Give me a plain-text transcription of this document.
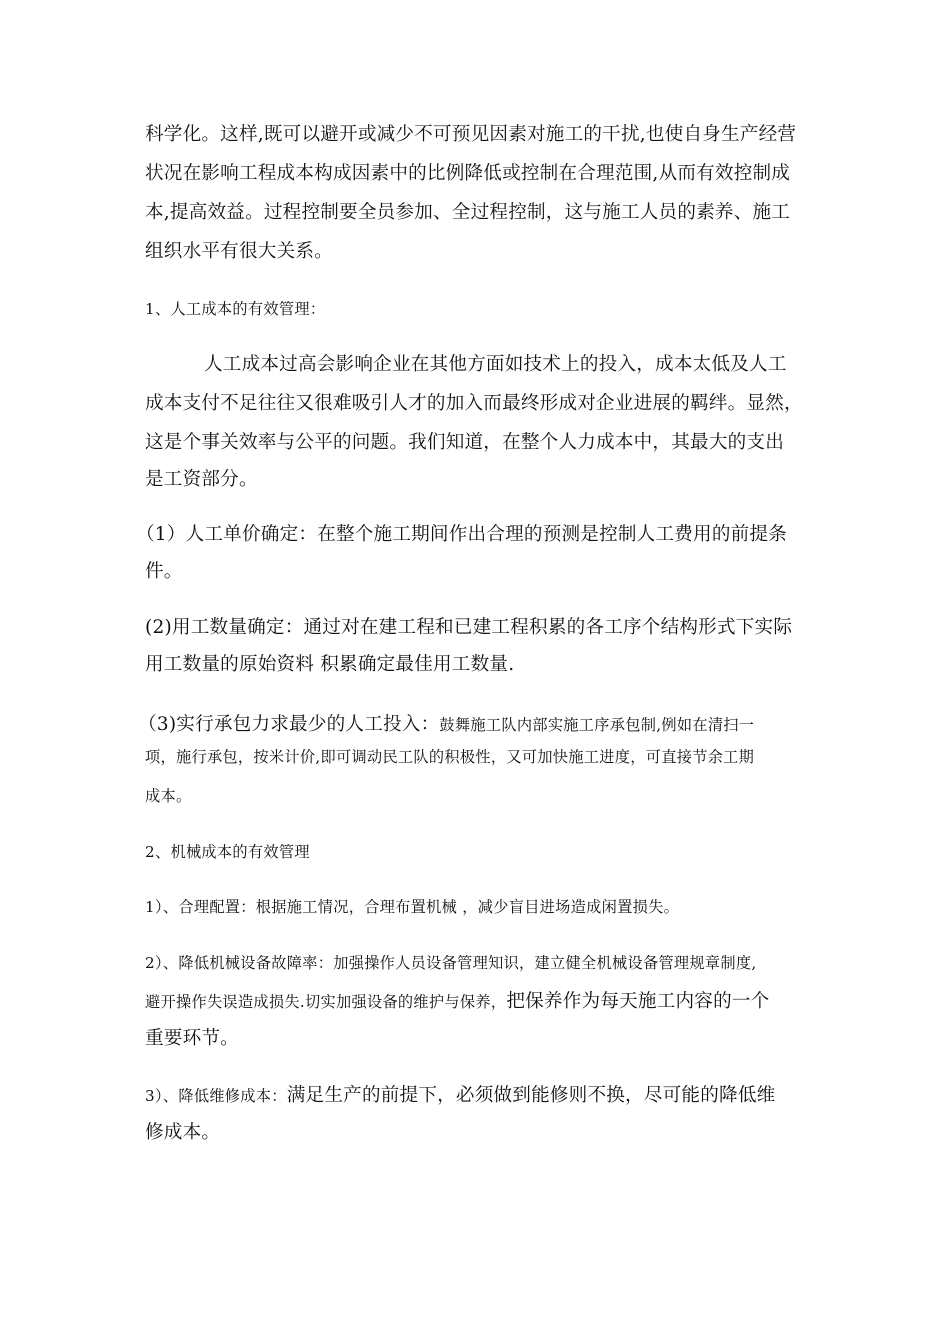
科学化。这样,既可以避开或减少不可预见因素对施工的干扰,也使自身生产经营
状况在影响工程成本构成因素中的比例降低或控制在合理范围,从而有效控制成
本,提高效益。过程控制要全员参加、全过程控制，这与施工人员的素养、施工
组织水平有很大关系。
1、人工成本的有效管理：
人工成本过高会影响企业在其他方面如技术上的投入，成本太低及人工
成本支付不足往往又很难吸引人才的加入而最终形成对企业进展的羁绊。显然，
这是个事关效率与公平的问题。我们知道，在整个人力成本中，其最大的支出
是工资部分。
（1）人工单价确定：在整个施工期间作出合理的预测是控制人工费用的前提条
件。
(2)用工数量确定：通过对在建工程和已建工程积累的各工序个结构形式下实际
用工数量的原始资料 积累确定最佳用工数量.
（3)实行承包力求最少的人工投入：鼓舞施工队内部实施工序承包制,例如在清扫一
项，施行承包，按米计价,即可调动民工队的积极性，又可加快施工进度，可直接节余工期
成本。
2、机械成本的有效管理
1）、合理配置：根据施工情况，合理布置机械 ，减少盲目进场造成闲置损失。
2）、降低机械设备故障率：加强操作人员设备管理知识，建立健全机械设备管理规章制度,
避开操作失误造成损失.切实加强设备的维护与保养，把保养作为每天施工内容的一个
重要环节。
3）、降低维修成本：满足生产的前提下，必须做到能修则不换，尽可能的降低维
修成本。
